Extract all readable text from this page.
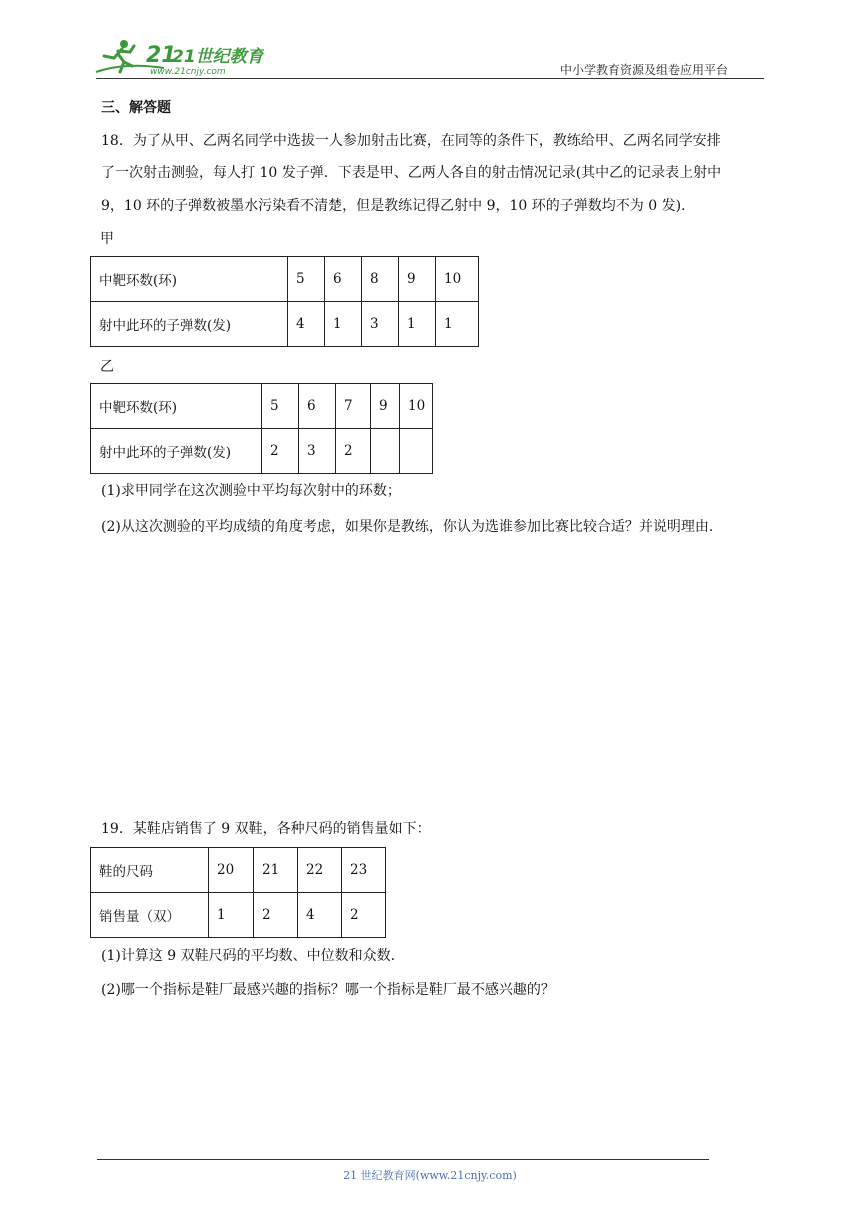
21
21世纪教育
www.21cnjy.com	中小学教育资源及组卷应用平台
三、解答题
18．为了从甲、乙两名同学中选拔一人参加射击比赛，在同等的条件下，教练给甲、乙两名同学安排
了一次射击测验，每人打 10 发子弹．下表是甲、乙两人各自的射击情况记录(其中乙的记录表上射中
9，10 环的子弹数被墨水污染看不清楚，但是教练记得乙射中 9，10 环的子弹数均不为 0 发).
甲
中靶环数(环)	5	6	8	9	10
射中此环的子弹数(发)	4	1	3	1	1
乙
中靶环数(环)	5	6	7	9	10
射中此环的子弹数(发)	2	3	2		
(1)求甲同学在这次测验中平均每次射中的环数；
(2)从这次测验的平均成绩的角度考虑，如果你是教练，你认为选谁参加比赛比较合适？并说明理由.
19．某鞋店销售了 9 双鞋，各种尺码的销售量如下：
鞋的尺码	20	21	22	23
销售量（双）	1	2	4	2
(1)计算这 9 双鞋尺码的平均数、中位数和众数.
(2)哪一个指标是鞋厂最感兴趣的指标？哪一个指标是鞋厂最不感兴趣的？
21 世纪教育网(www.21cnjy.com)
